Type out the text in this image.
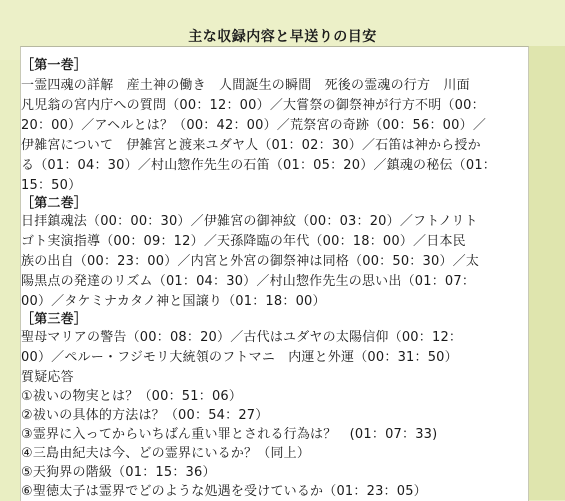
主な収録内容と早送りの目安
［第一巻］
一霊四魂の詳解　産土神の働き　人間誕生の瞬間　死後の霊魂の行方　川面
凡児翁の宮内庁への質問（00：12：00）／大嘗祭の御祭神が行方不明（00：
20：00）／アヘルとは？（00：42：00）／荒祭宮の奇跡（00：56：00）／
伊雑宮について　伊雑宮と渡来ユダヤ人（01：02：30）／石笛は神から授か
る（01：04：30）／村山惣作先生の石笛（01：05：20）／鎮魂の秘伝（01：
15：50）
［第二巻］
日拝鎮魂法（00：00：30）／伊雑宮の御神紋（00：03：20）／フトノリト
ゴト実演指導（00：09：12）／天孫降臨の年代（00：18：00）／日本民
族の出自（00：23：00）／内宮と外宮の御祭神は同格（00：50：30）／太
陽黒点の発達のリズム（01：04：30）／村山惣作先生の思い出（01：07：
00）／タケミナカタノ神と国譲り（01：18：00）
［第三巻］
聖母マリアの警告（00：08：20）／古代はユダヤの太陽信仰（00：12：
00）／ペルー・フジモリ大統領のフトマニ　内運と外運（00：31：50）
質疑応答
①祓いの物実とは？（00：51：06）
②祓いの具体的方法は？（00：54：27）
③霊界に入ってからいちばん重い罪とされる行為は？　(01：07：33)
④三島由紀夫は今、どの霊界にいるか？（同上）
⑤天狗界の階級（01：15：36）
⑥聖徳太子は霊界でどのような処遇を受けているか（01：23：05）
